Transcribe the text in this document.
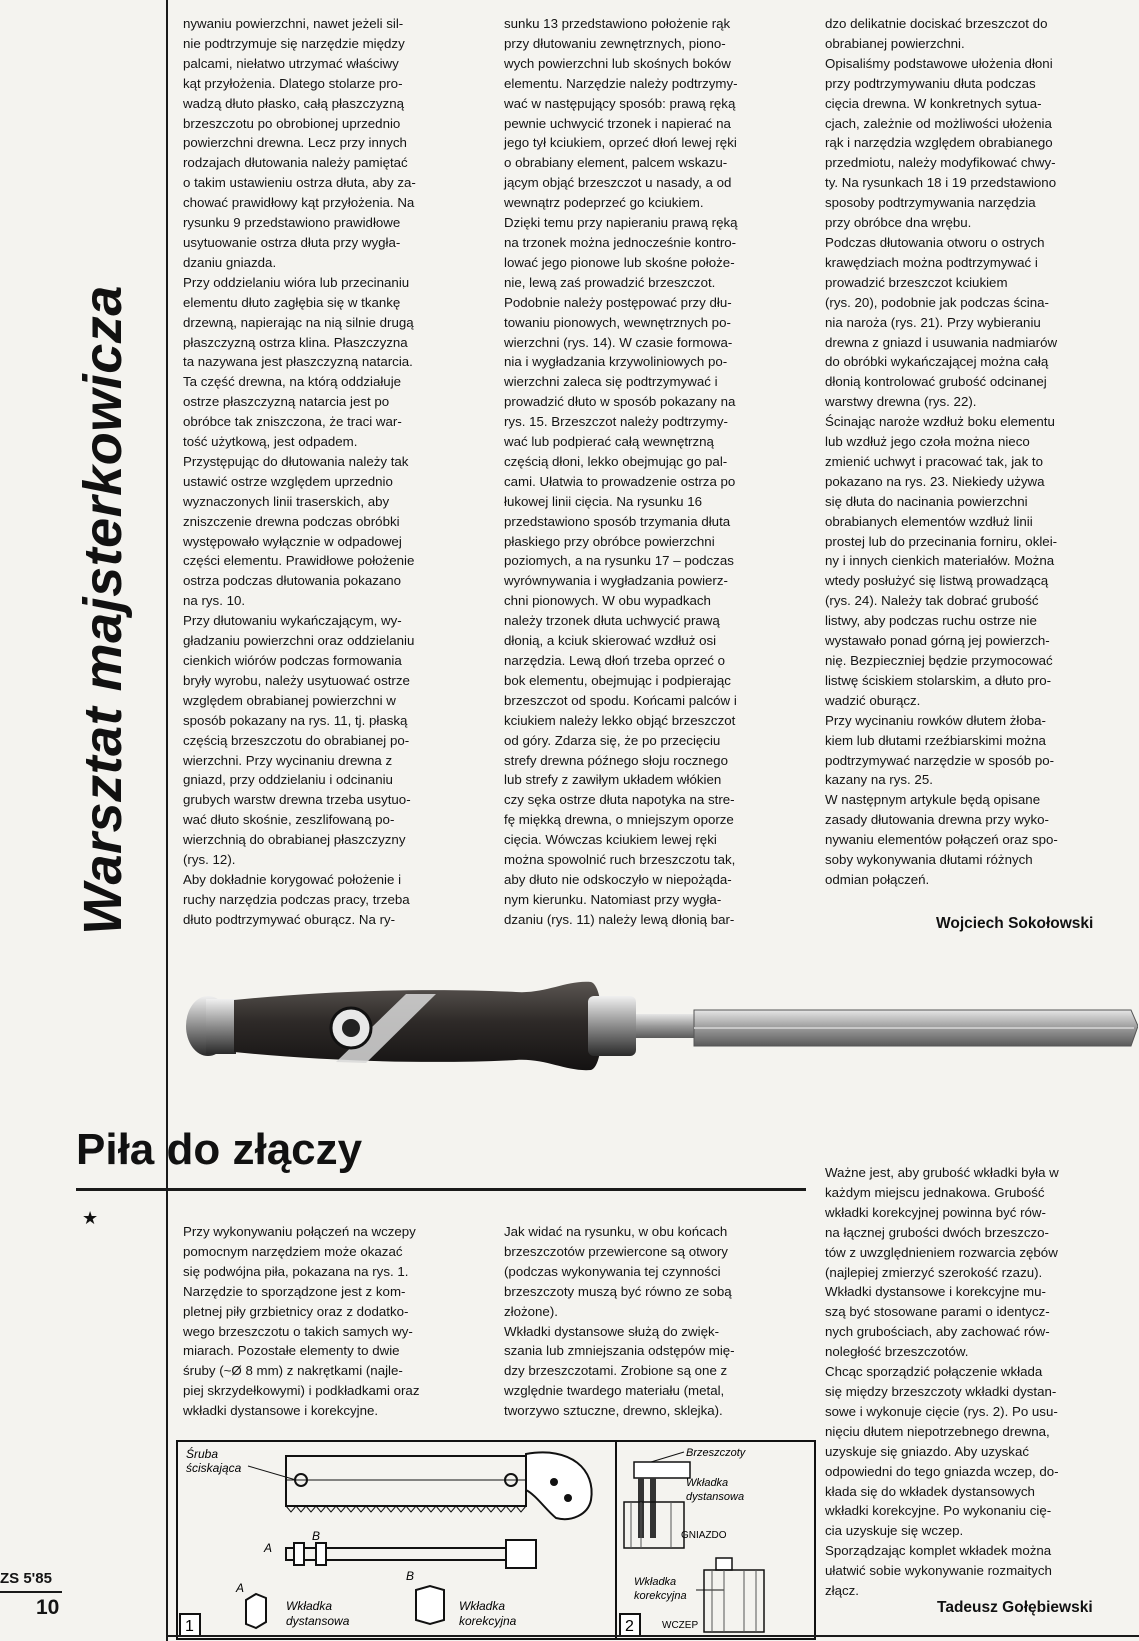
Warsztat majsterkowicza

nywaniu powierzchni, nawet jeżeli sil-
nie podtrzymuje się narzędzie między
palcami, niełatwo utrzymać właściwy
kąt przyłożenia. Dlatego stolarze pro-
wadzą dłuto płasko, całą płaszczyzną
brzeszczotu po obrobionej uprzednio
powierzchni drewna. Lecz przy innych
rodzajach dłutowania należy pamiętać
o takim ustawieniu ostrza dłuta, aby za-
chować prawidłowy kąt przyłożenia. Na
rysunku 9 przedstawiono prawidłowe
usytuowanie ostrza dłuta przy wygła-
dzaniu gniazda.
Przy oddzielaniu wióra lub przecinaniu
elementu dłuto zagłębia się w tkankę
drzewną, napierając na nią silnie drugą
płaszczyzną ostrza klina. Płaszczyzna
ta nazywana jest płaszczyzną natarcia.
Ta część drewna, na którą oddziałuje
ostrze płaszczyzną natarcia jest po
obróbce tak zniszczona, że traci war-
tość użytkową, jest odpadem.
Przystępując do dłutowania należy tak
ustawić ostrze względem uprzednio
wyznaczonych linii traserskich, aby
zniszczenie drewna podczas obróbki
występowało wyłącznie w odpadowej
części elementu. Prawidłowe położenie
ostrza podczas dłutowania pokazano
na rys. 10.
Przy dłutowaniu wykańczającym, wy-
gładzaniu powierzchni oraz oddzielaniu
cienkich wiórów podczas formowania
bryły wyrobu, należy usytuować ostrze
względem obrabianej powierzchni w
sposób pokazany na rys. 11, tj. płaską
częścią brzeszczotu do obrabianej po-
wierzchni. Przy wycinaniu drewna z
gniazd, przy oddzielaniu i odcinaniu
grubych warstw drewna trzeba usytuo-
wać dłuto skośnie, zeszlifowaną po-
wierzchnią do obrabianej płaszczyzny
(rys. 12).
Aby dokładnie korygować położenie i
ruchy narzędzia podczas pracy, trzeba
dłuto podtrzymywać oburącz. Na ry-

sunku 13 przedstawiono położenie rąk
przy dłutowaniu zewnętrznych, piono-
wych powierzchni lub skośnych boków
elementu. Narzędzie należy podtrzymy-
wać w następujący sposób: prawą ręką
pewnie uchwycić trzonek i napierać na
jego tył kciukiem, oprzeć dłoń lewej ręki
o obrabiany element, palcem wskazu-
jącym objąć brzeszczot u nasady, a od
wewnątrz podeprzeć go kciukiem.
Dzięki temu przy napieraniu prawą ręką
na trzonek można jednocześnie kontro-
lować jego pionowe lub skośne położe-
nie, lewą zaś prowadzić brzeszczot.
Podobnie należy postępować przy dłu-
towaniu pionowych, wewnętrznych po-
wierzchni (rys. 14). W czasie formowa-
nia i wygładzania krzywoliniowych po-
wierzchni zaleca się podtrzymywać i
prowadzić dłuto w sposób pokazany na
rys. 15. Brzeszczot należy podtrzymy-
wać lub podpierać całą wewnętrzną
częścią dłoni, lekko obejmując go pal-
cami. Ułatwia to prowadzenie ostrza po
łukowej linii cięcia. Na rysunku 16
przedstawiono sposób trzymania dłuta
płaskiego przy obróbce powierzchni
poziomych, a na rysunku 17 – podczas
wyrównywania i wygładzania powierz-
chni pionowych. W obu wypadkach
należy trzonek dłuta uchwycić prawą
dłonią, a kciuk skierować wzdłuż osi
narzędzia. Lewą dłoń trzeba oprzeć o
bok elementu, obejmując i podpierając
brzeszczot od spodu. Końcami palców i
kciukiem należy lekko objąć brzeszczot
od góry. Zdarza się, że po przecięciu
strefy drewna późnego słoju rocznego
lub strefy z zawiłym układem włókien
czy sęka ostrze dłuta napotyka na stre-
fę miękką drewna, o mniejszym oporze
cięcia. Wówczas kciukiem lewej ręki
można spowolnić ruch brzeszczotu tak,
aby dłuto nie odskoczyło w niepożąda-
nym kierunku. Natomiast przy wygła-
dzaniu (rys. 11) należy lewą dłonią bar-

dzo delikatnie dociskać brzeszczot do
obrabianej powierzchni.
Opisaliśmy podstawowe ułożenia dłoni
przy podtrzymywaniu dłuta podczas
cięcia drewna. W konkretnych sytua-
cjach, zależnie od możliwości ułożenia
rąk i narzędzia względem obrabianego
przedmiotu, należy modyfikować chwy-
ty. Na rysunkach 18 i 19 przedstawiono
sposoby podtrzymywania narzędzia
przy obróbce dna wrębu.
Podczas dłutowania otworu o ostrych
krawędziach można podtrzymywać i
prowadzić brzeszczot kciukiem
(rys. 20), podobnie jak podczas ścina-
nia naroża (rys. 21). Przy wybieraniu
drewna z gniazd i usuwania nadmiarów
do obróbki wykańczającej można całą
dłonią kontrolować grubość odcinanej
warstwy drewna (rys. 22).
Ścinając naroże wzdłuż boku elementu
lub wzdłuż jego czoła można nieco
zmienić uchwyt i pracować tak, jak to
pokazano na rys. 23. Niekiedy używa
się dłuta do nacinania powierzchni
obrabianych elementów wzdłuż linii
prostej lub do przecinania forniru, oklei-
ny i innych cienkich materiałów. Można
wtedy posłużyć się listwą prowadzącą
(rys. 24). Należy tak dobrać grubość
listwy, aby podczas ruchu ostrze nie
wystawało ponad górną jej powierzch-
nię. Bezpieczniej będzie przymocować
listwę ściskiem stolarskim, a dłuto pro-
wadzić oburącz.
Przy wycinaniu rowków dłutem żłoba-
kiem lub dłutami rzeźbiarskimi można
podtrzymywać narzędzie w sposób po-
kazany na rys. 25.
W następnym artykule będą opisane
zasady dłutowania drewna przy wyko-
nywaniu elementów połączeń oraz spo-
soby wykonywania dłutami różnych
odmian połączeń.

Wojciech Sokołowski
Piła do złączy
★

Przy wykonywaniu połączeń na wczepy
pomocnym narzędziem może okazać
się podwójna piła, pokazana na rys. 1.
Narzędzie to sporządzone jest z kom-
pletnej piły grzbietnicy oraz z dodatko-
wego brzeszczotu o takich samych wy-
miarach. Pozostałe elementy to dwie
śruby (~Ø 8 mm) z nakrętkami (najle-
piej skrzydełkowymi) i podkładkami oraz
wkładki dystansowe i korekcyjne.

Jak widać na rysunku, w obu końcach
brzeszczotów przewiercone są otwory
(podczas wykonywania tej czynności
brzeszczoty muszą być równo ze sobą
złożone).
Wkładki dystansowe służą do zwięk-
szania lub zmniejszania odstępów mię-
dzy brzeszczotami. Zrobione są one z
względnie twardego materiału (metal,
tworzywo sztuczne, drewno, sklejka).

Ważne jest, aby grubość wkładki była w
każdym miejscu jednakowa. Grubość
wkładki korekcyjnej powinna być rów-
na łącznej grubości dwóch brzeszczo-
tów z uwzględnieniem rozwarcia zębów
(najlepiej zmierzyć szerokość rzazu).
Wkładki dystansowe i korekcyjne mu-
szą być stosowane parami o identycz-
nych grubościach, aby zachować rów-
noległość brzeszczotów.
Chcąc sporządzić połączenie wkłada
się między brzeszczoty wkładki dystan-
sowe i wykonuje cięcie (rys. 2). Po usu-
nięciu dłutem niepotrzebnego drewna,
uzyskuje się gniazdo. Aby uzyskać
odpowiedni do tego gniazda wczep, do-
kłada się do wkładek dystansowych
wkładki korekcyjne. Po wykonaniu cię-
cia uzyskuje się wczep.
Sporządzając komplet wkładek można
ułatwić sobie wykonywanie rozmaitych
złącz.

Tadeusz Gołębiewski
Śruba
ściskająca
A
B
1
A
Wkładka
dystansowa
B
Wkładka
korekcyjna
Brzeszczoty
Wkładka
dystansowa
GNIAZDO
Wkładka
korekcyjna
WCZEP
2
ZS 5'85
10
